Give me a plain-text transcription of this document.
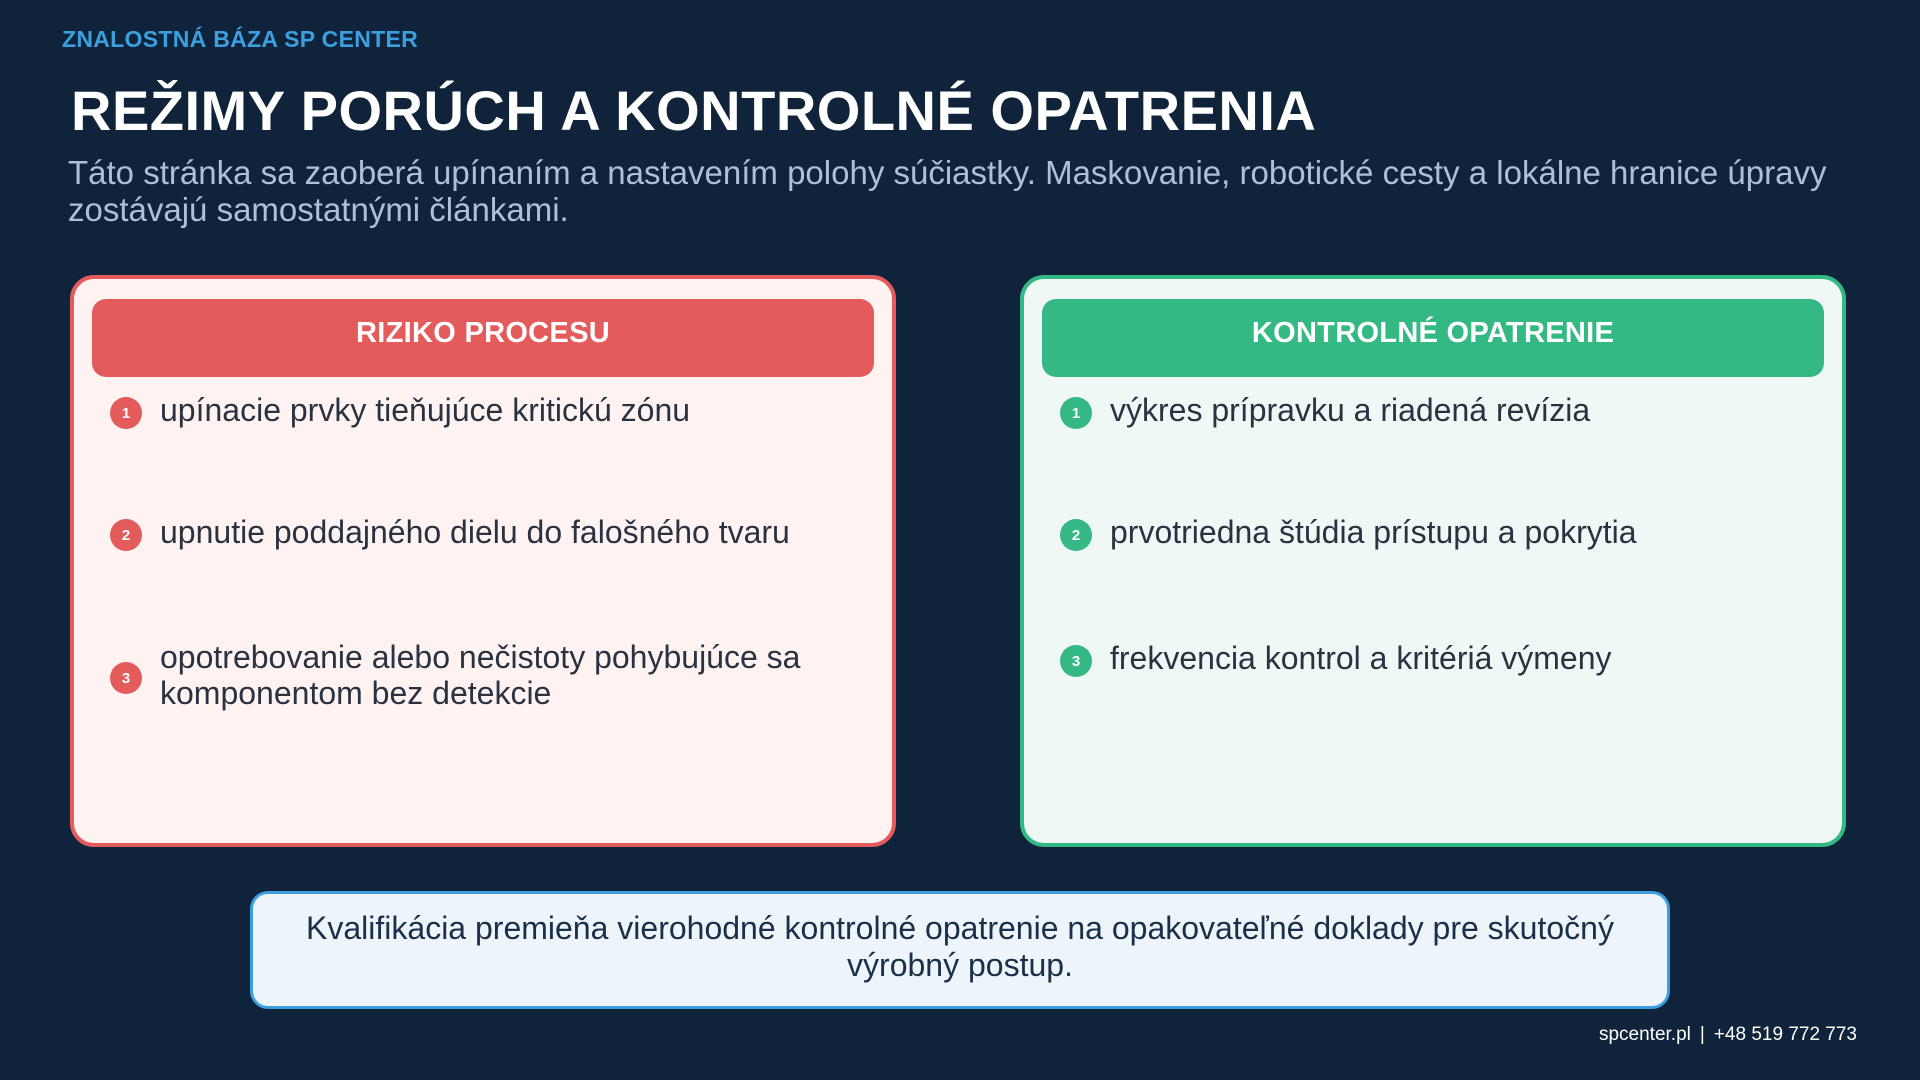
ZNALOSTNÁ BÁZA SP CENTER
REŽIMY PORÚCH A KONTROLNÉ OPATRENIA

Táto stránka sa zaoberá upínaním a nastavením polohy súčiastky. Maskovanie, robotické cesty a lokálne hranice úpravy zostávajú samostatnými článkami.

RIZIKO PROCESU
1 upínacie prvky tieňujúce kritickú zónu
2 upnutie poddajného dielu do falošného tvaru
3
opotrebovanie alebo nečistoty pohybujúce sa komponentom bez detekcie
KONTROLNÉ OPATRENIE
1 výkres prípravku a riadená revízia
2 prvotriedna štúdia prístupu a pokrytia
3 frekvencia kontrol a kritériá výmeny
Kvalifikácia premieňa vierohodné kontrolné opatrenie na opakovateľné doklady pre skutočný výrobný postup.
spcenter.pl | +48 519 772 773
